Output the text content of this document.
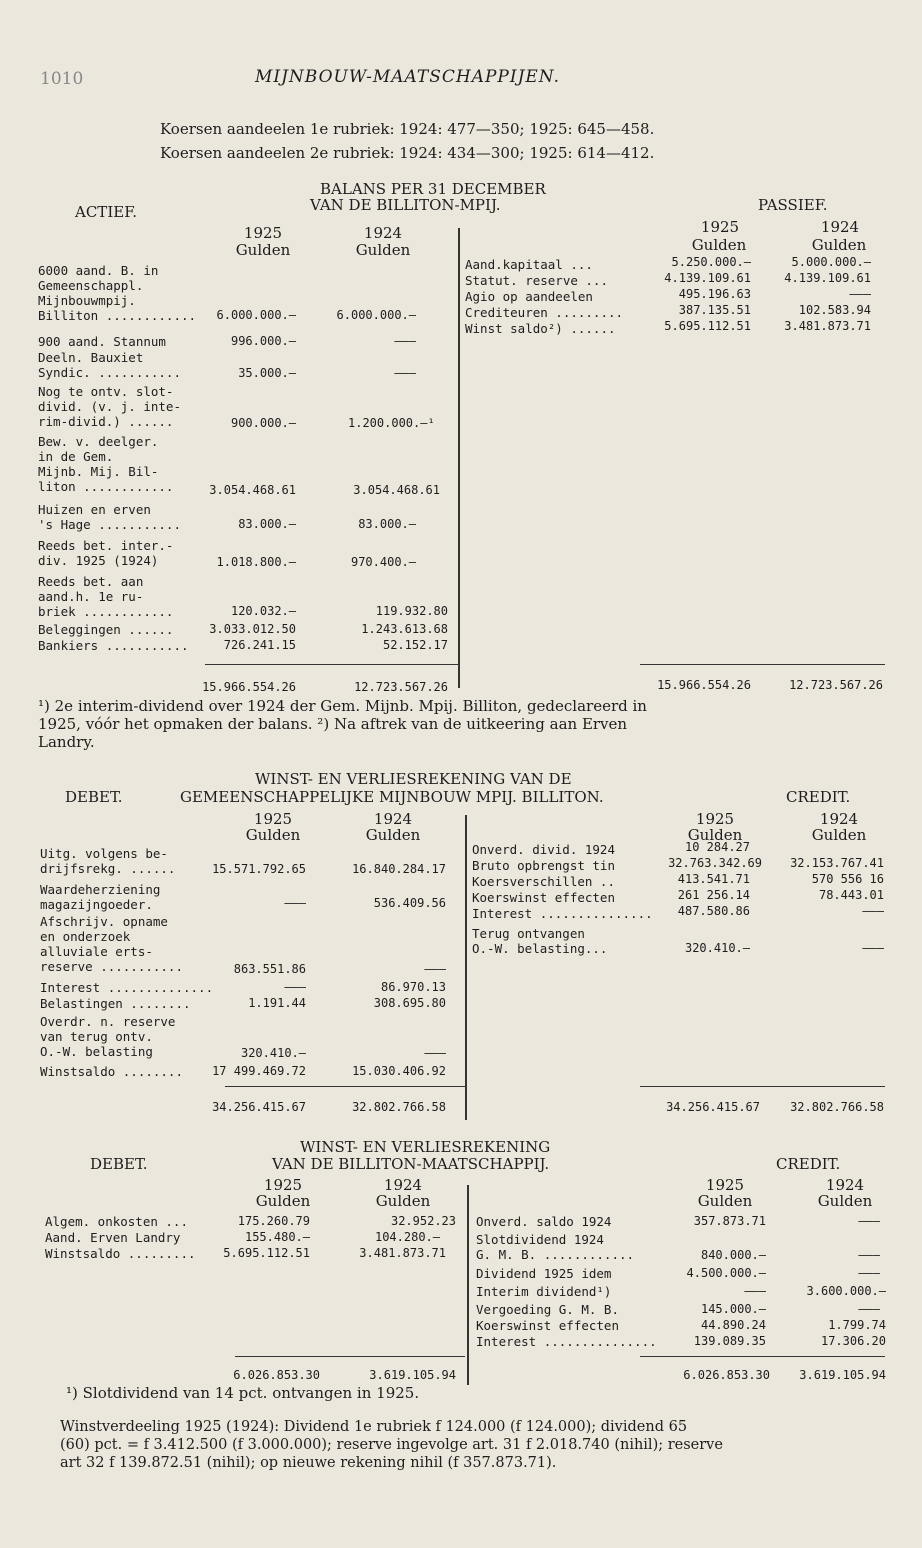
1010	MIJNBOUW-MAATSCHAPPIJEN.
Koersen aandeelen 1e rubriek: 1924: 477—350; 1925: 645—458.
Koersen aandeelen 2e rubriek: 1924: 434—300; 1925: 614—412.
BALANS PER 31 DECEMBER
VAN DE BILLITON-MPIJ.
ACTIEF.	PASSIEF.
1925	1924
Gulden	Gulden
1925	1924
Gulden	Gulden
6000 aand. B. in
Gemeenschappl.
Mijnbouwmpij.
Billiton ............	6.000.000.—	6.000.000.—
900 aand. Stannum	996.000.—	———
Deeln. Bauxiet
Syndic. ...........	35.000.—	———
Nog te ontv. slot-
divid. (v. j. inte-
rim-divid.) ......	900.000.—	1.200.000.—¹
Bew. v. deelger.
in de Gem.
Mijnb. Mij. Bil-
liton ............	3.054.468.61	3.054.468.61
Huizen en erven
's Hage ...........	83.000.—	83.000.—
Reeds bet. inter.-
div. 1925 (1924)	1.018.800.—	970.400.—
Reeds bet. aan
aand.h. 1e ru-
briek ............	120.032.—	119.932.80
Beleggingen ......	3.033.012.50	1.243.613.68
Bankiers ...........	726.241.15	52.152.17
15.966.554.26	12.723.567.26
Aand.kapitaal ...	5.250.000.—	5.000.000.—
Statut. reserve ...	4.139.109.61	4.139.109.61
Agio op aandeelen	495.196.63	———
Crediteuren .........	387.135.51	102.583.94
Winst saldo²) ......	5.695.112.51	3.481.873.71
15.966.554.26	12.723.567.26
¹) 2e interim-dividend over 1924 der Gem. Mijnb. Mpij. Billiton, gedeclareerd in
1925, vóór het opmaken der balans. ²) Na aftrek van de uitkeering aan Erven
Landry.
WINST- EN VERLIESREKENING VAN DE
DEBET.	GEMEENSCHAPPELIJKE MIJNBOUW MPIJ. BILLITON.	CREDIT.
1925	1924
Gulden	Gulden
1925	1924
Gulden	Gulden
Uitg. volgens be-
drijfsrekg. ......	15.571.792.65	16.840.284.17
Waardeherziening
magazijngoeder.	———	536.409.56
Afschrijv. opname
en onderzoek
alluviale erts-
reserve ...........	863.551.86	———
Interest ..............	———	86.970.13
Belastingen ........	1.191.44	308.695.80
Overdr. n. reserve
van terug ontv.
O.-W. belasting	320.410.—	———
Winstsaldo ........	17 499.469.72	15.030.406.92
34.256.415.67	32.802.766.58
Onverd. divid. 1924	10 284.27
Bruto opbrengst tin	32.763.342.69	32.153.767.41
Koersverschillen ..	413.541.71	570 556 16
Koerswinst effecten	261 256.14	78.443.01
Interest ...............	487.580.86	———
Terug ontvangen
O.-W. belasting...	320.410.—	———
34.256.415.67	32.802.766.58
WINST- EN VERLIESREKENING
DEBET.	VAN DE BILLITON-MAATSCHAPPIJ.	CREDIT.
1925	1924
Gulden	Gulden
1925	1924
Gulden	Gulden
Algem. onkosten ...	175.260.79	32.952.23
Aand. Erven Landry	155.480.—	104.280.—
Winstsaldo .........	5.695.112.51	3.481.873.71
6.026.853.30	3.619.105.94
Onverd. saldo 1924	357.873.71	———
Slotdividend 1924
G. M. B. ............	840.000.—	———
Dividend 1925 idem	4.500.000.—	———
Interim dividend¹)	———	3.600.000.—
Vergoeding G. M. B.	145.000.—	———
Koerswinst effecten	44.890.24	1.799.74
Interest ...............	139.089.35	17.306.20
6.026.853.30	3.619.105.94
¹) Slotdividend van 14 pct. ontvangen in 1925.
Winstverdeeling 1925 (1924): Dividend 1e rubriek f 124.000 (f 124.000); dividend 65
(60) pct. = f 3.412.500 (f 3.000.000); reserve ingevolge art. 31 f 2.018.740 (nihil); reserve
art 32 f 139.872.51 (nihil); op nieuwe rekening nihil (f 357.873.71).
